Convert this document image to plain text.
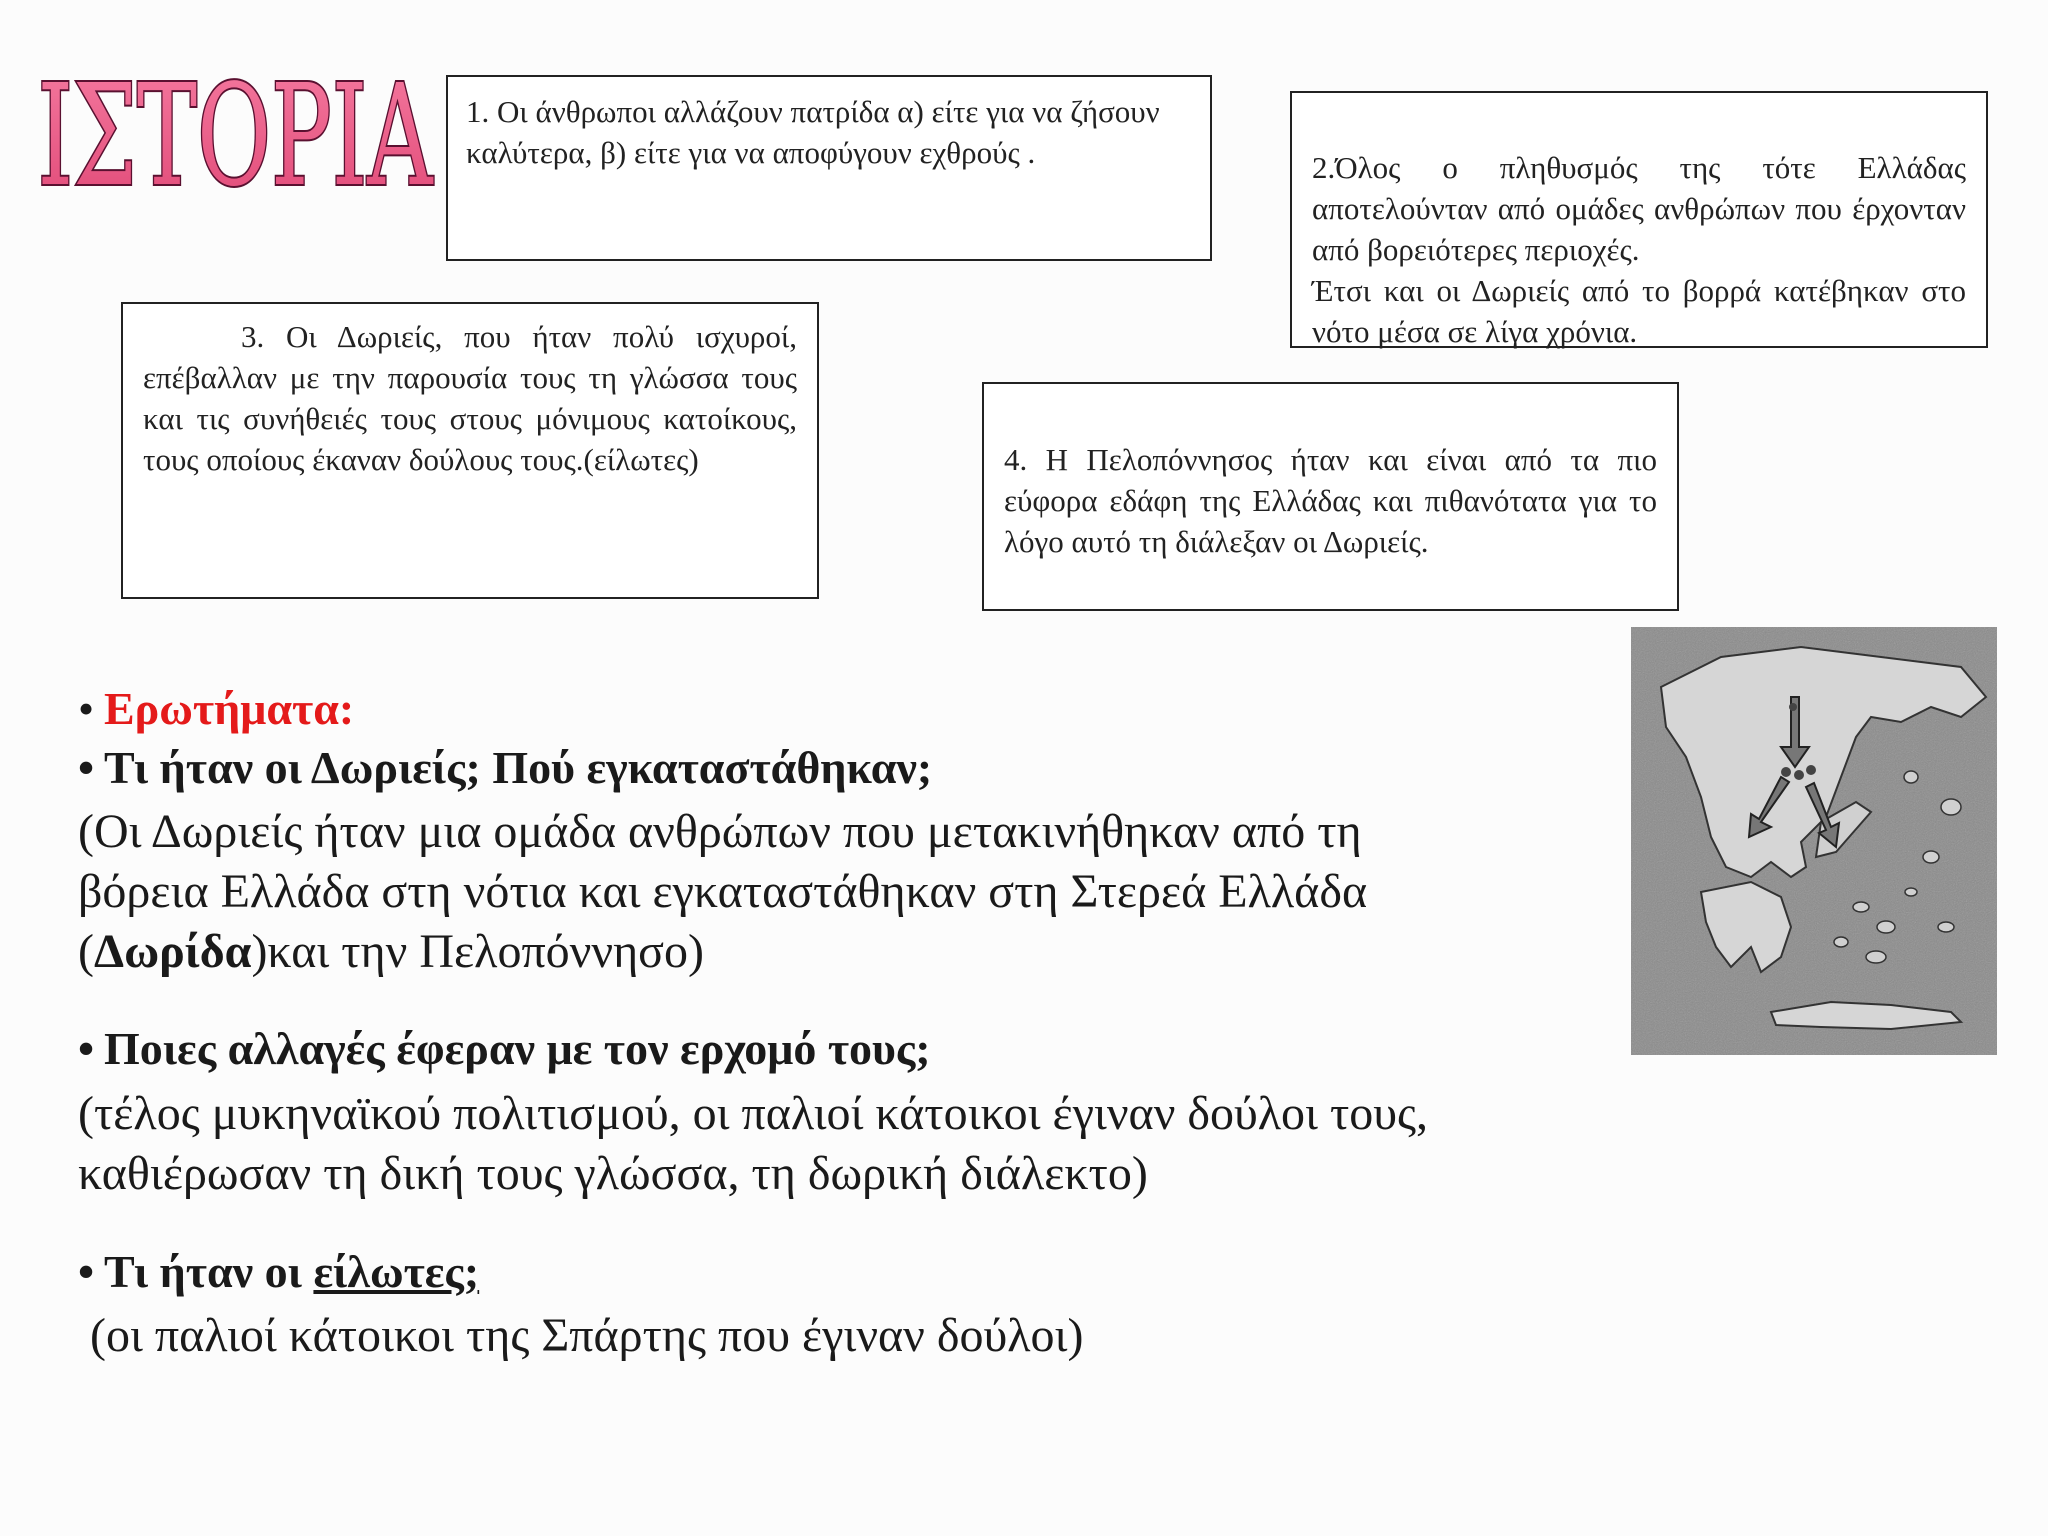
ΙΣΤΟΡΙΑ 1. Οι άνθρωποι αλλάζουν πατρίδα α) είτε για να ζήσουν καλύτερα, β) είτε για να αποφύγουν εχθρούς .	2.Όλος ο πληθυσμός της τότε Ελλάδας αποτελούνταν από ομάδες ανθρώπων που έρχονταν από βορειότερες περιοχές.

Έτσι και οι Δωριείς από το βορρά κατέβηκαν στο νότο μέσα σε λίγα χρόνια.

3. Οι Δωριείς, που ήταν πολύ ισχυροί, επέβαλλαν με την παρουσία τους τη γλώσσα τους και τις συνήθειές τους στους μόνιμους κατοίκους, τους οποίους έκαναν δούλους τους.(είλωτες)	4. Η Πελοπόννησος ήταν και είναι από τα πιο εύφορα εδάφη της Ελλάδας και πιθανότατα για το λόγο αυτό τη διάλεξαν οι Δωριείς.

• Ερωτήματα:
• Τι ήταν οι Δωριείς; Πού εγκαταστάθηκαν;
(Οι Δωριείς ήταν μια ομάδα ανθρώπων που μετακινήθηκαν από τη
βόρεια Ελλάδα στη νότια και εγκαταστάθηκαν στη Στερεά Ελλάδα
(Δωρίδα)και την Πελοπόννησο)
• Ποιες αλλαγές έφεραν με τον ερχομό τους;
(τέλος μυκηναϊκού πολιτισμού, οι παλιοί κάτοικοι έγιναν δούλοι τους,
καθιέρωσαν τη δική τους γλώσσα, τη δωρική διάλεκτο)
• Τι ήταν οι είλωτες;
(οι παλιοί κάτοικοι της Σπάρτης που έγιναν δούλοι)
